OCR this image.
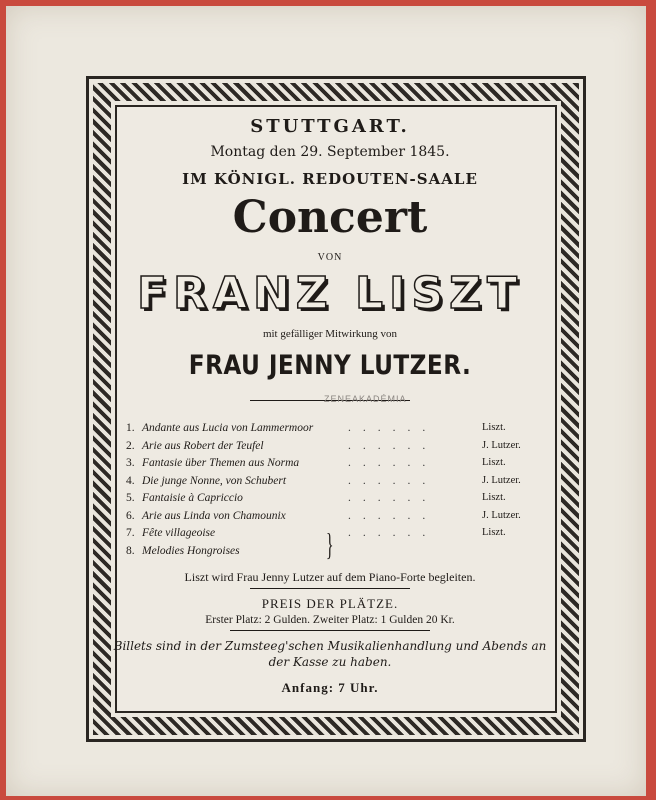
STUTTGART.
Montag den 29. September 1845.
IM KÖNIGL. REDOUTEN-SAALE
Concert
VON
FRANZ LISZT
mit gefälliger Mitwirkung von
FRAU JENNY LUTZER.
ZENEAKADÉMIA
1. Andante aus Lucia von Lammermoor	......	Liszt.
2. Arie aus Robert der Teufel	......	J. Lutzer.
3. Fantasie über Themen aus Norma	......	Liszt.
4. Die junge Nonne, von Schubert	......	J. Lutzer.
5. Fantaisie à Capriccio	......	Liszt.
6. Arie aus Linda von Chamounix	......	J. Lutzer.
7. Fête villageoise	......	Liszt.
8. Melodies Hongroises	}
Liszt wird Frau Jenny Lutzer auf dem Piano-Forte begleiten.
PREIS DER PLÄTZE.
Erster Platz: 2 Gulden. Zweiter Platz: 1 Gulden 20 Kr.
Billets sind in der Zumsteeg'schen Musikalienhandlung und Abends an der Kasse zu haben.
Anfang: 7 Uhr.
